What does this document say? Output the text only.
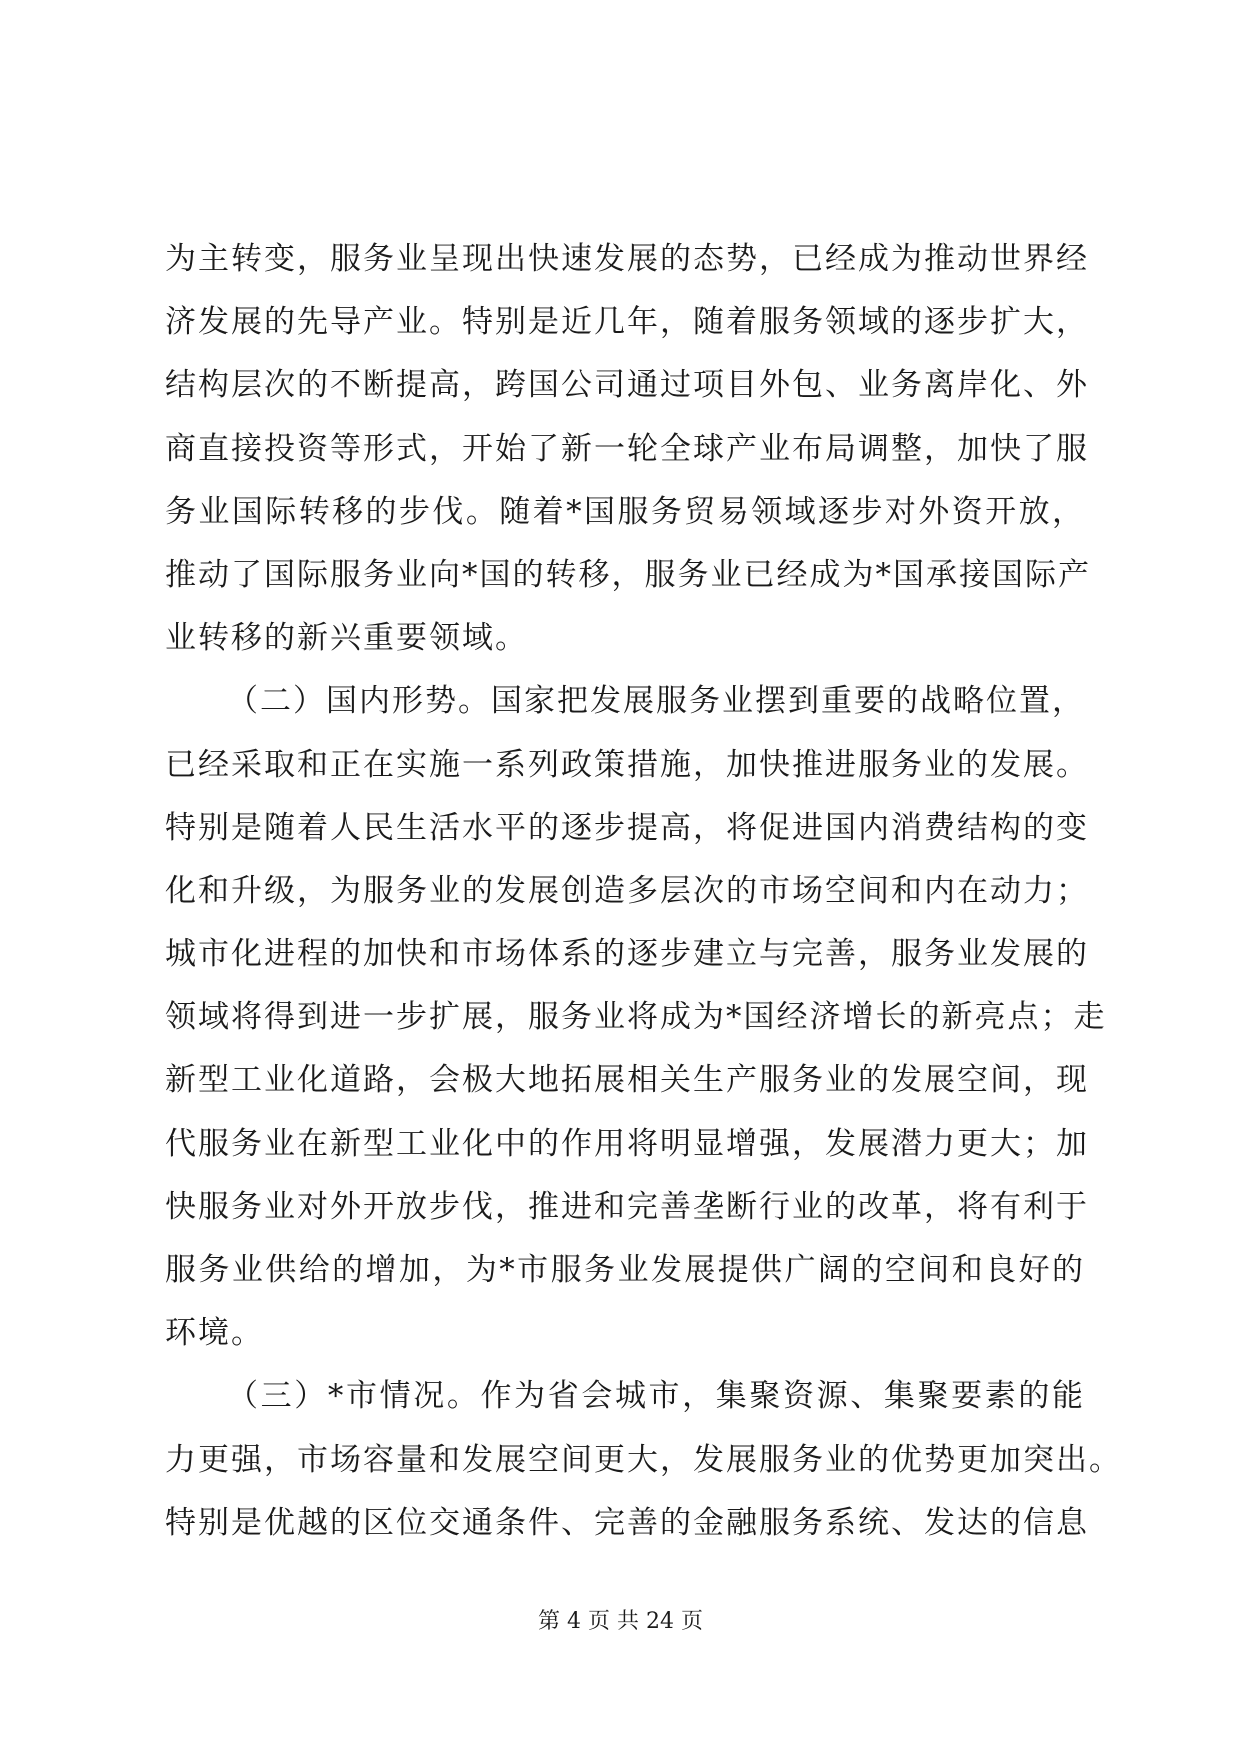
为主转变，服务业呈现出快速发展的态势，已经成为推动世界经
济发展的先导产业。特别是近几年，随着服务领域的逐步扩大，
结构层次的不断提高，跨国公司通过项目外包、业务离岸化、外
商直接投资等形式，开始了新一轮全球产业布局调整，加快了服
务业国际转移的步伐。随着*国服务贸易领域逐步对外资开放，
推动了国际服务业向*国的转移，服务业已经成为*国承接国际产
业转移的新兴重要领域。
（二）国内形势。国家把发展服务业摆到重要的战略位置，
已经采取和正在实施一系列政策措施，加快推进服务业的发展。
特别是随着人民生活水平的逐步提高，将促进国内消费结构的变
化和升级，为服务业的发展创造多层次的市场空间和内在动力；
城市化进程的加快和市场体系的逐步建立与完善，服务业发展的
领域将得到进一步扩展，服务业将成为*国经济增长的新亮点；走
新型工业化道路，会极大地拓展相关生产服务业的发展空间，现
代服务业在新型工业化中的作用将明显增强，发展潜力更大；加
快服务业对外开放步伐，推进和完善垄断行业的改革，将有利于
服务业供给的增加，为*市服务业发展提供广阔的空间和良好的
环境。
（三）*市情况。作为省会城市，集聚资源、集聚要素的能
力更强，市场容量和发展空间更大，发展服务业的优势更加突出。
特别是优越的区位交通条件、完善的金融服务系统、发达的信息
第 4 页 共 24 页
